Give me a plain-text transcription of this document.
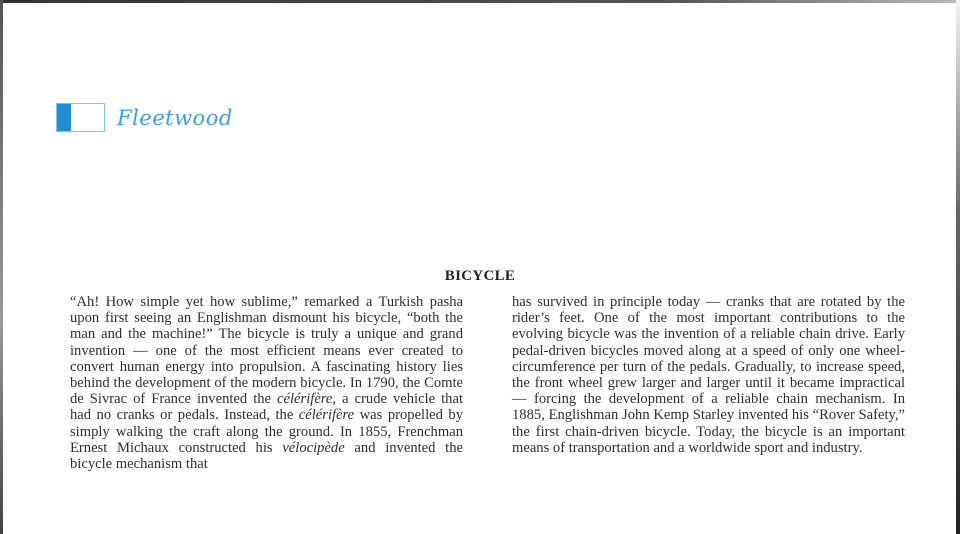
Fleetwood
BICYCLE

“Ah! How simple yet how sublime,” remarked a Turkish pasha upon first seeing an Englishman dismount his bicycle, “both the man and the machine!” The bicycle is truly a unique and grand invention — one of the most efficient means ever created to convert human energy into propulsion. A fascinating history lies behind the development of the modern bicycle. In 1790, the Comte de Sivrac of France invented the célérifère, a crude vehicle that had no cranks or pedals. Instead, the célérifère was propelled by simply walking the craft along the ground. In 1855, Frenchman Ernest Michaux constructed his vélocipède and invented the bicycle mechanism that

has survived in principle today — cranks that are rotated by the rider’s feet. One of the most important contributions to the evolving bicycle was the invention of a reliable chain drive. Early pedal-driven bicycles moved along at a speed of only one wheel-circumference per turn of the pedals. Gradually, to increase speed, the front wheel grew larger and larger until it became impractical — forcing the development of a reliable chain mechanism. In 1885, Englishman John Kemp Starley invented his “Rover Safety,” the first chain-driven bicycle. Today, the bicycle is an important means of transportation and a worldwide sport and industry.
